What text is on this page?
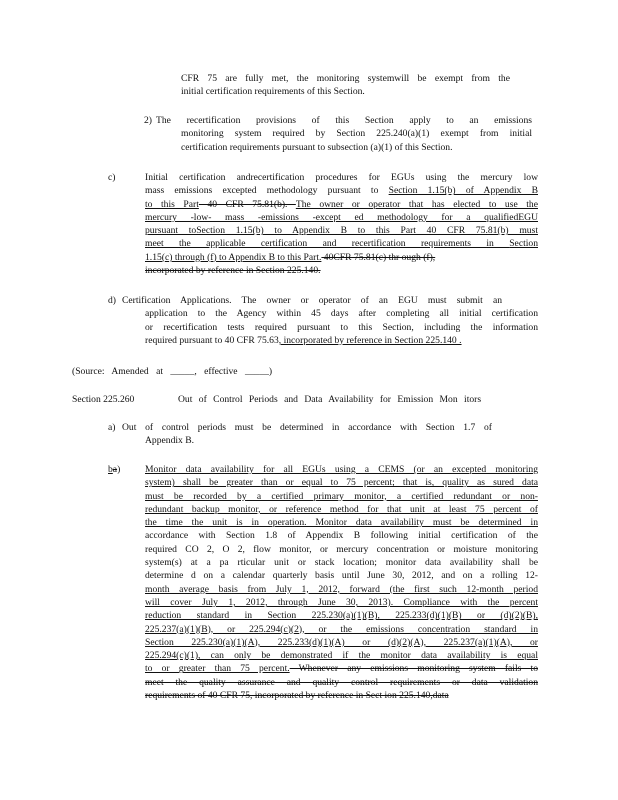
CFR 75 are fully met, the monitoring systemwill be exempt from the
initial certification requirements of this Section.
2) The recertification provisions of this Section apply to an emissions
monitoring system required by Section 225.240(a)(1) exempt from initial
certification requirements pursuant to subsection (a)(1) of this Section.
c)	Initial certification andrecertification procedures for EGUs using the mercury low
mass emissions excepted methodology pursuant to Section 1.15(b) of Appendix B
to this Part 40 CFR 75.81(b). The owner or operator that has elected to use the
mercury -low- mass -emissions -except ed methodology for a qualifiedEGU
pursuant toSection 1.15(b) to Appendix B to this Part 40 CFR 75.81(b) must
meet the applicable certification and recertification requirements in Section
1.15(c) through (f) to Appendix B to this Part. 40CFR 75.81(c) thr ough (f),
incorporated by reference in Section 225.140.
d) Certification Applications. The owner or operator of an EGU must submit an
application to the Agency within 45 days after completing all initial certification
or recertification tests required pursuant to this Section, including the information
required pursuant to 40 CFR 75.63, incorporated by reference in Section 225.140 .
(Source: Amended at _____, effective _____)
Section 225.260	Out of Control Periods and Data Availability for Emission Mon itors
a) Out of control periods must be determined in accordance with Section 1.7 of
Appendix B.
ba)	Monitor data availability for all EGUs using a CEMS (or an excepted monitoring
system) shall be greater than or equal to 75 percent; that is, quality as sured data
must be recorded by a certified primary monitor, a certified redundant or non-
redundant backup monitor, or reference method for that unit at least 75 percent of
the time the unit is in operation. Monitor data availability must be determined in
accordance with Section 1.8 of Appendix B following initial certification of the
required CO 2, O 2, flow monitor, or mercury concentration or moisture monitoring
system(s) at a pa rticular unit or stack location; monitor data availability shall be
determine d on a calendar quarterly basis until June 30, 2012, and on a rolling 12-
month average basis from July 1, 2012, forward (the first such 12-month period
will cover July 1, 2012, through June 30, 2013). Compliance with the percent
reduction standard in Section 225.230(a)(1)(B), 225.233(d)(1)(B) or (d)(2)(B),
225.237(a)(1)(B), or 225.294(c)(2), or the emissions concentration standard in
Section 225.230(a)(1)(A), 225.233(d)(1)(A) or (d)(2)(A), 225.237(a)(1)(A), or
225.294(c)(1), can only be demonstrated if the monitor data availability is equal
to or greater than 75 percent. Whenever any emissions monitoring system fails to
meet the quality assurance and quality control requirements or data validation
requirements of 40 CFR 75, incorporated by reference in Sect ion 225.140,data
